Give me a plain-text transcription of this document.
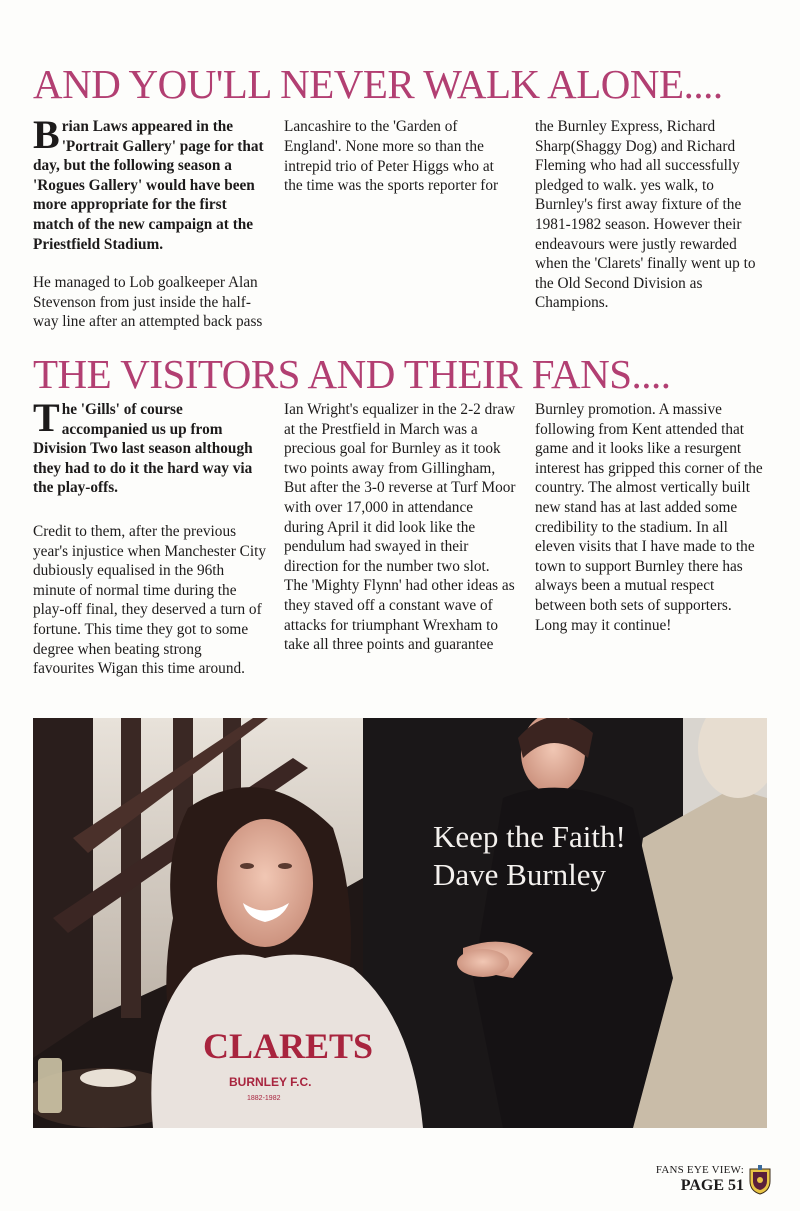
AND YOU'LL NEVER WALK ALONE....

Brian Laws appeared in the 'Portrait Gallery' page for that day, but the following season a 'Rogues Gallery' would have been more appropriate for the first match of the new campaign at the Priestfield Stadium.

He managed to Lob goalkeeper Alan Stevenson from just inside the half-way line after an attempted back pass

Lancashire to the 'Garden of England'. None more so than the intrepid trio of Peter Higgs who at the time was the sports reporter for

the Burnley Express, Richard Sharp(Shaggy Dog) and Richard Fleming who had all successfully pledged to walk. yes walk, to Burnley's first away fixture of the 1981-1982 season. However their endeavours were justly rewarded when the 'Clarets' finally went up to the Old Second Division as Champions.

THE VISITORS AND THEIR FANS....

The 'Gills' of course accompanied us up from Division Two last season although they had to do it the hard way via the play-offs.

Credit to them, after the previous year's injustice when Manchester City dubiously equalised in the 96th minute of normal time during the play-off final, they deserved a turn of fortune. This time they got to some degree when beating strong favourites Wigan this time around.

Ian Wright's equalizer in the 2-2 draw at the Prestfield in March was a precious goal for Burnley as it took two points away from Gillingham, But after the 3-0 reverse at Turf Moor with over 17,000 in attendance during April it did look like the pendulum had swayed in their direction for the number two slot. The 'Mighty Flynn' had other ideas as they staved off a constant wave of attacks for triumphant Wrexham to take all three points and guarantee

Burnley promotion. A massive following from Kent attended that game and it looks like a resurgent interest has gripped this corner of the country. The almost vertically built new stand has at last added some credibility to the stadium. In all eleven visits that I have made to the town to support Burnley there has always been a mutual respect between both sets of supporters. Long may it continue!

CLARETS
BURNLEY F.C.
1882-1982
Keep the Faith!
Dave Burnley
FANS EYE VIEW:
PAGE 51
